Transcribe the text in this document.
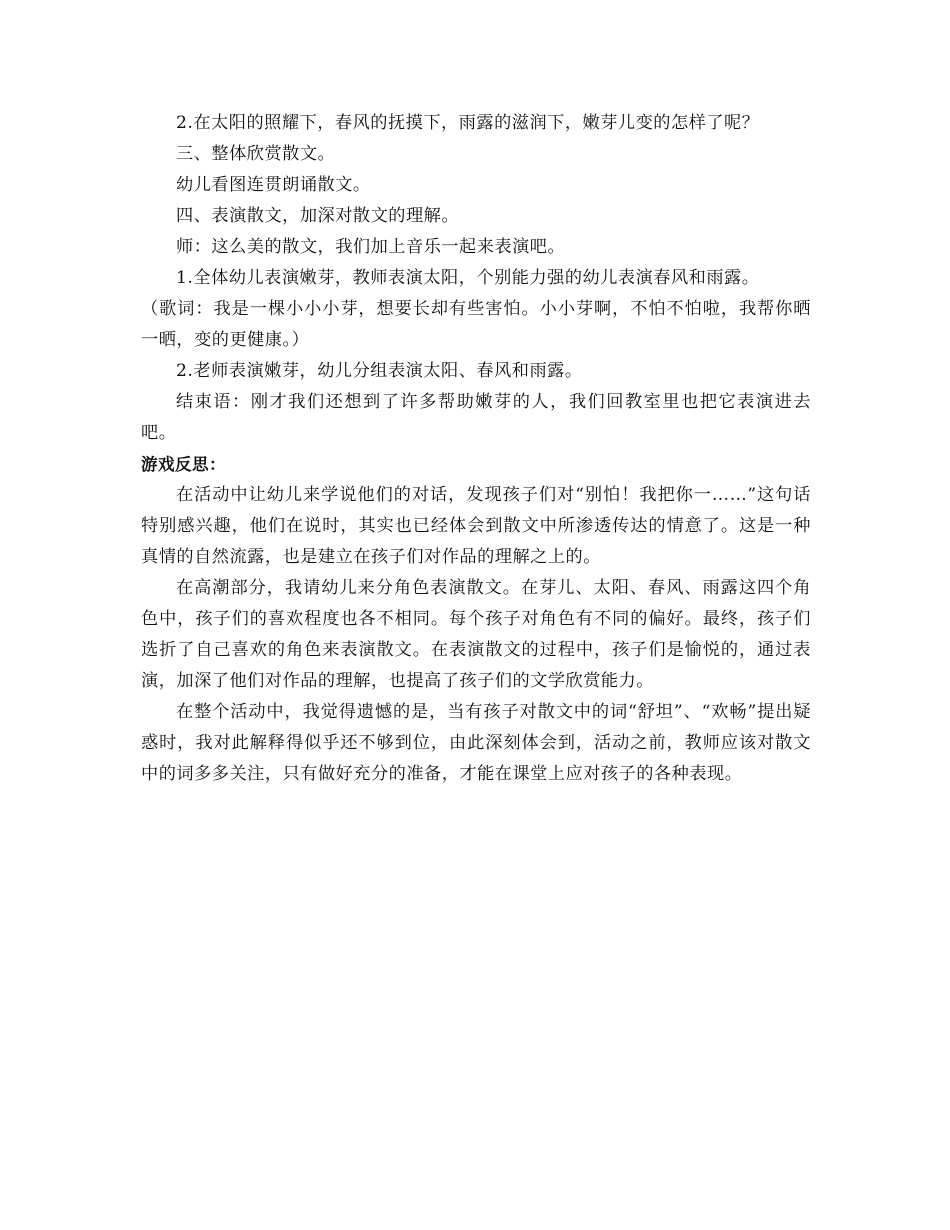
2.在太阳的照耀下，春风的抚摸下，雨露的滋润下，嫩芽儿变的怎样了呢？

三、整体欣赏散文。

幼儿看图连贯朗诵散文。

四、表演散文，加深对散文的理解。

师：这么美的散文，我们加上音乐一起来表演吧。

1.全体幼儿表演嫩芽，教师表演太阳，个别能力强的幼儿表演春风和雨露。

（歌词：我是一棵小小小芽，想要长却有些害怕。小小芽啊，不怕不怕啦，我帮你晒一晒，变的更健康。）

2.老师表演嫩芽，幼儿分组表演太阳、春风和雨露。

结束语：刚才我们还想到了许多帮助嫩芽的人，我们回教室里也把它表演进去吧。

游戏反思：

在活动中让幼儿来学说他们的对话，发现孩子们对“别怕！我把你一……”这句话特别感兴趣，他们在说时，其实也已经体会到散文中所渗透传达的情意了。这是一种真情的自然流露，也是建立在孩子们对作品的理解之上的。

在高潮部分，我请幼儿来分角色表演散文。在芽儿、太阳、春风、雨露这四个角色中，孩子们的喜欢程度也各不相同。每个孩子对角色有不同的偏好。最终，孩子们选折了自己喜欢的角色来表演散文。在表演散文的过程中，孩子们是愉悦的，通过表演，加深了他们对作品的理解，也提高了孩子们的文学欣赏能力。

在整个活动中，我觉得遗憾的是，当有孩子对散文中的词“舒坦”、“欢畅”提出疑惑时，我对此解释得似乎还不够到位，由此深刻体会到，活动之前，教师应该对散文中的词多多关注，只有做好充分的准备，才能在课堂上应对孩子的各种表现。
